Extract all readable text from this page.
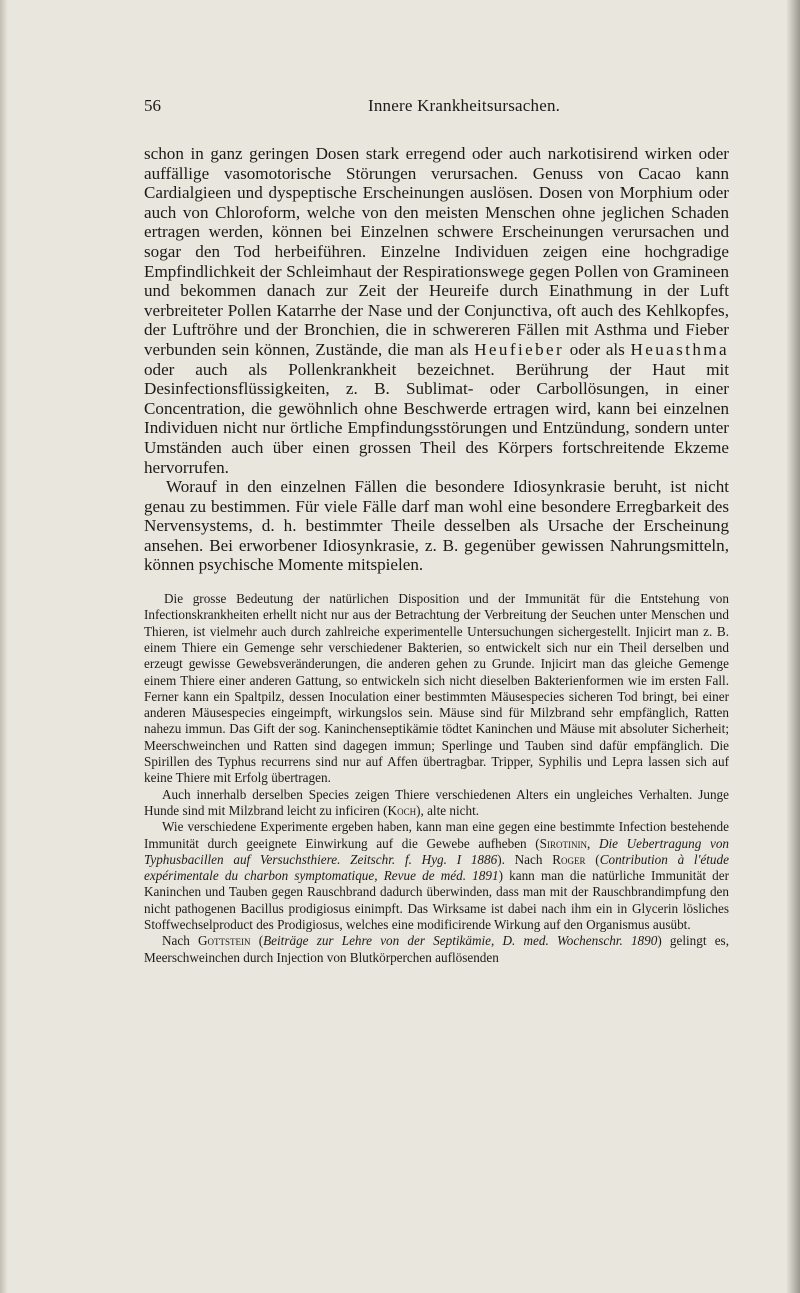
56	Innere Krankheitsursachen.

schon in ganz geringen Dosen stark erregend oder auch narkotisirend wirken oder auffällige vasomotorische Störungen verursachen. Genuss von Cacao kann Cardialgieen und dyspeptische Erscheinungen auslösen. Dosen von Morphium oder auch von Chloroform, welche von den meisten Menschen ohne jeglichen Schaden ertragen werden, können bei Einzelnen schwere Erscheinungen verursachen und sogar den Tod herbeiführen. Einzelne Individuen zeigen eine hochgradige Empfindlichkeit der Schleimhaut der Respirationswege gegen Pollen von Gramineen und bekommen danach zur Zeit der Heureife durch Einathmung in der Luft verbreiteter Pollen Katarrhe der Nase und der Conjunctiva, oft auch des Kehlkopfes, der Luftröhre und der Bronchien, die in schwereren Fällen mit Asthma und Fieber verbunden sein können, Zustände, die man als Heufieber oder als Heuasthma oder auch als Pollenkrankheit bezeichnet. Berührung der Haut mit Desinfectionsflüssigkeiten, z. B. Sublimat- oder Carbollösungen, in einer Concentration, die gewöhnlich ohne Beschwerde ertragen wird, kann bei einzelnen Individuen nicht nur örtliche Empfindungsstörungen und Entzündung, sondern unter Umständen auch über einen grossen Theil des Körpers fortschreitende Ekzeme hervorrufen.

Worauf in den einzelnen Fällen die besondere Idiosynkrasie beruht, ist nicht genau zu bestimmen. Für viele Fälle darf man wohl eine besondere Erregbarkeit des Nervensystems, d. h. bestimmter Theile desselben als Ursache der Erscheinung ansehen. Bei erworbener Idiosynkrasie, z. B. gegenüber gewissen Nahrungsmitteln, können psychische Momente mitspielen.

Die grosse Bedeutung der natürlichen Disposition und der Immunität für die Entstehung von Infectionskrankheiten erhellt nicht nur aus der Betrachtung der Verbreitung der Seuchen unter Menschen und Thieren, ist vielmehr auch durch zahlreiche experimentelle Untersuchungen sichergestellt. Injicirt man z. B. einem Thiere ein Gemenge sehr verschiedener Bakterien, so entwickelt sich nur ein Theil derselben und erzeugt gewisse Gewebsveränderungen, die anderen gehen zu Grunde. Injicirt man das gleiche Gemenge einem Thiere einer anderen Gattung, so entwickeln sich nicht dieselben Bakterienformen wie im ersten Fall. Ferner kann ein Spaltpilz, dessen Inoculation einer bestimmten Mäusespecies sicheren Tod bringt, bei einer anderen Mäusespecies eingeimpft, wirkungslos sein. Mäuse sind für Milzbrand sehr empfänglich, Ratten nahezu immun. Das Gift der sog. Kaninchenseptikämie tödtet Kaninchen und Mäuse mit absoluter Sicherheit; Meerschweinchen und Ratten sind dagegen immun; Sperlinge und Tauben sind dafür empfänglich. Die Spirillen des Typhus recurrens sind nur auf Affen übertragbar. Tripper, Syphilis und Lepra lassen sich auf keine Thiere mit Erfolg übertragen.

Auch innerhalb derselben Species zeigen Thiere verschiedenen Alters ein ungleiches Verhalten. Junge Hunde sind mit Milzbrand leicht zu inficiren (Koch), alte nicht.

Wie verschiedene Experimente ergeben haben, kann man eine gegen eine bestimmte Infection bestehende Immunität durch geeignete Einwirkung auf die Gewebe aufheben (Sirotinin, Die Uebertragung von Typhusbacillen auf Versuchsthiere. Zeitschr. f. Hyg. I 1886). Nach Roger (Contribution à l'étude expérimentale du charbon symptomatique, Revue de méd. 1891) kann man die natürliche Immunität der Kaninchen und Tauben gegen Rauschbrand dadurch überwinden, dass man mit der Rauschbrandimpfung den nicht pathogenen Bacillus prodigiosus einimpft. Das Wirksame ist dabei nach ihm ein in Glycerin lösliches Stoffwechselproduct des Prodigiosus, welches eine modificirende Wirkung auf den Organismus ausübt.

Nach Gottstein (Beiträge zur Lehre von der Septikämie, D. med. Wochenschr. 1890) gelingt es, Meerschweinchen durch Injection von Blutkörperchen auflösenden
